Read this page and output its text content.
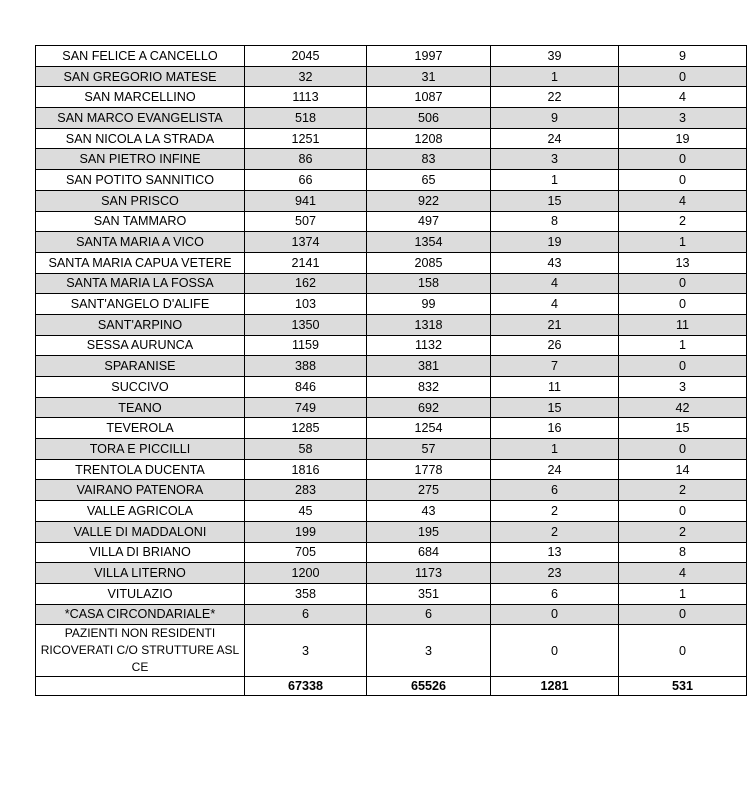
SAN FELICE A CANCELLO	2045	1997	39	9
SAN GREGORIO MATESE	32	31	1	0
SAN MARCELLINO	1113	1087	22	4
SAN MARCO EVANGELISTA	518	506	9	3
SAN NICOLA LA STRADA	1251	1208	24	19
SAN PIETRO INFINE	86	83	3	0
SAN POTITO SANNITICO	66	65	1	0
SAN PRISCO	941	922	15	4
SAN TAMMARO	507	497	8	2
SANTA MARIA A VICO	1374	1354	19	1
SANTA MARIA CAPUA VETERE	2141	2085	43	13
SANTA MARIA LA FOSSA	162	158	4	0
SANT'ANGELO D'ALIFE	103	99	4	0
SANT'ARPINO	1350	1318	21	11
SESSA AURUNCA	1159	1132	26	1
SPARANISE	388	381	7	0
SUCCIVO	846	832	11	3
TEANO	749	692	15	42
TEVEROLA	1285	1254	16	15
TORA E PICCILLI	58	57	1	0
TRENTOLA DUCENTA	1816	1778	24	14
VAIRANO PATENORA	283	275	6	2
VALLE AGRICOLA	45	43	2	0
VALLE DI MADDALONI	199	195	2	2
VILLA DI BRIANO	705	684	13	8
VILLA LITERNO	1200	1173	23	4
VITULAZIO	358	351	6	1
*CASA CIRCONDARIALE*	6	6	0	0
PAZIENTI NON RESIDENTI RICOVERATI C/O STRUTTURE ASL CE	3	3	0	0
	67338	65526	1281	531
